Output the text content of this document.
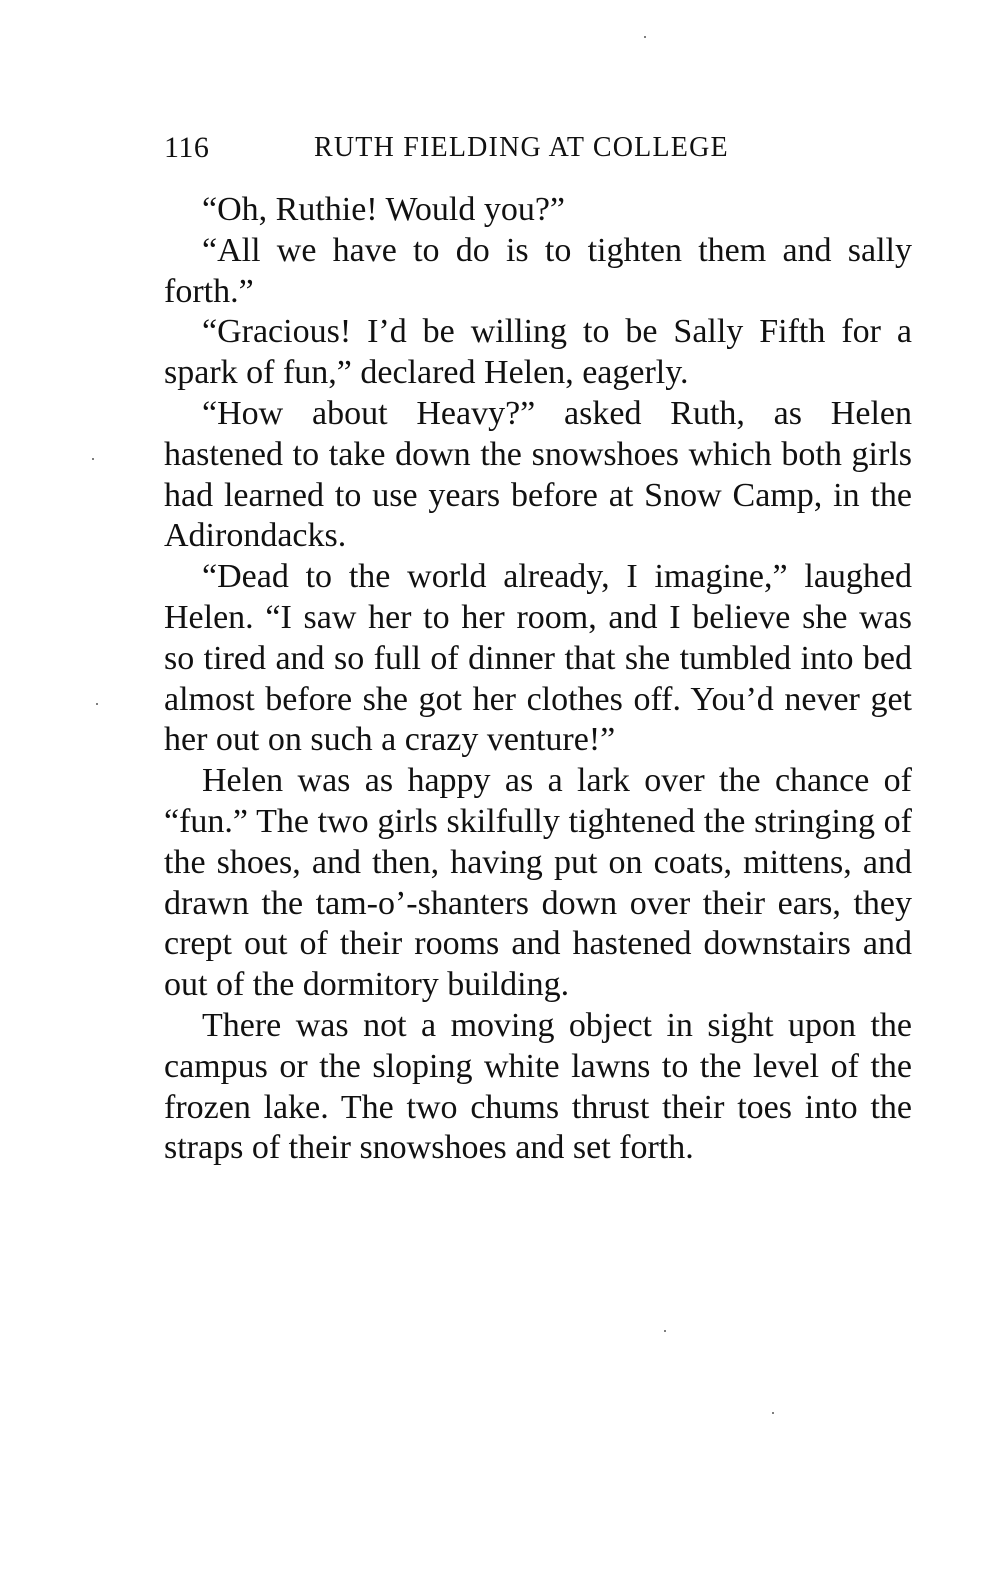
116	RUTH FIELDING AT COLLEGE

“Oh, Ruthie! Would you?”

“All we have to do is to tighten them and sally forth.”

“Gracious! I’d be willing to be Sally Fifth for a spark of fun,” declared Helen, eagerly.

“How about Heavy?” asked Ruth, as Helen hastened to take down the snowshoes which both girls had learned to use years before at Snow Camp, in the Adirondacks.

“Dead to the world already, I imagine,” laughed Helen. “I saw her to her room, and I believe she was so tired and so full of dinner that she tumbled into bed almost before she got her clothes off. You’d never get her out on such a crazy venture!”

Helen was as happy as a lark over the chance of “fun.” The two girls skilfully tightened the stringing of the shoes, and then, having put on coats, mittens, and drawn the tam-o’-shanters down over their ears, they crept out of their rooms and hastened downstairs and out of the dormitory building.

There was not a moving object in sight upon the campus or the sloping white lawns to the level of the frozen lake. The two chums thrust their toes into the straps of their snowshoes and set forth.
